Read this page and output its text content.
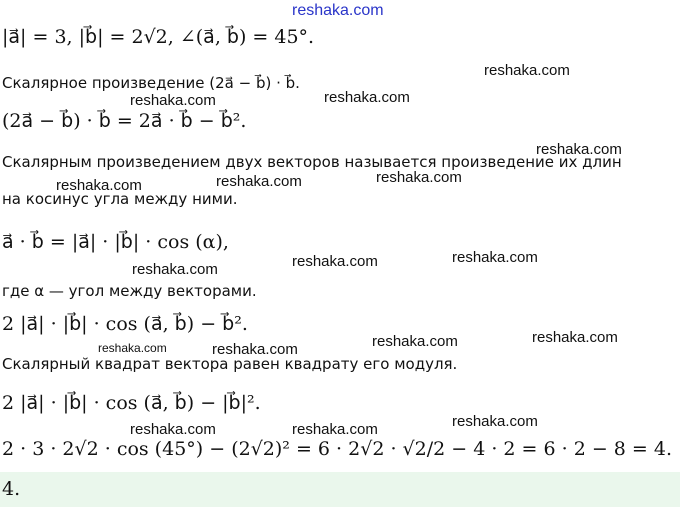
|a⃗| = 3, |b⃗| = 2√2, ∠(a⃗, b⃗) = 45°.
Скалярное произведение (2a⃗ − b⃗) · b⃗.
(2a⃗ − b⃗) · b⃗ = 2a⃗ · b⃗ − b⃗².
Скалярным произведением двух векторов называется произведение их длин
на косинус угла между ними.
a⃗ · b⃗ = |a⃗| · |b⃗| · cos (α),
где α — угол между векторами.
2 |a⃗| · |b⃗| · cos (a⃗, b⃗) − b⃗².
Скалярный квадрат вектора равен квадрату его модуля.
2 |a⃗| · |b⃗| · cos (a⃗, b⃗) − |b⃗|².
2 · 3 · 2√2 · cos (45°) − (2√2)² = 6 · 2√2 · √2/2 − 4 · 2 = 6 · 2 − 8 = 4.
reshaka.com
reshaka.com
reshaka.com	reshaka.com
reshaka.com
reshaka.com	reshaka.com	reshaka.com
reshaka.com
reshaka.com
reshaka.com
reshaka.com
reshaka.com
reshaka.com
reshaka.com
reshaka.com
reshaka.com
reshaka.com
4.
